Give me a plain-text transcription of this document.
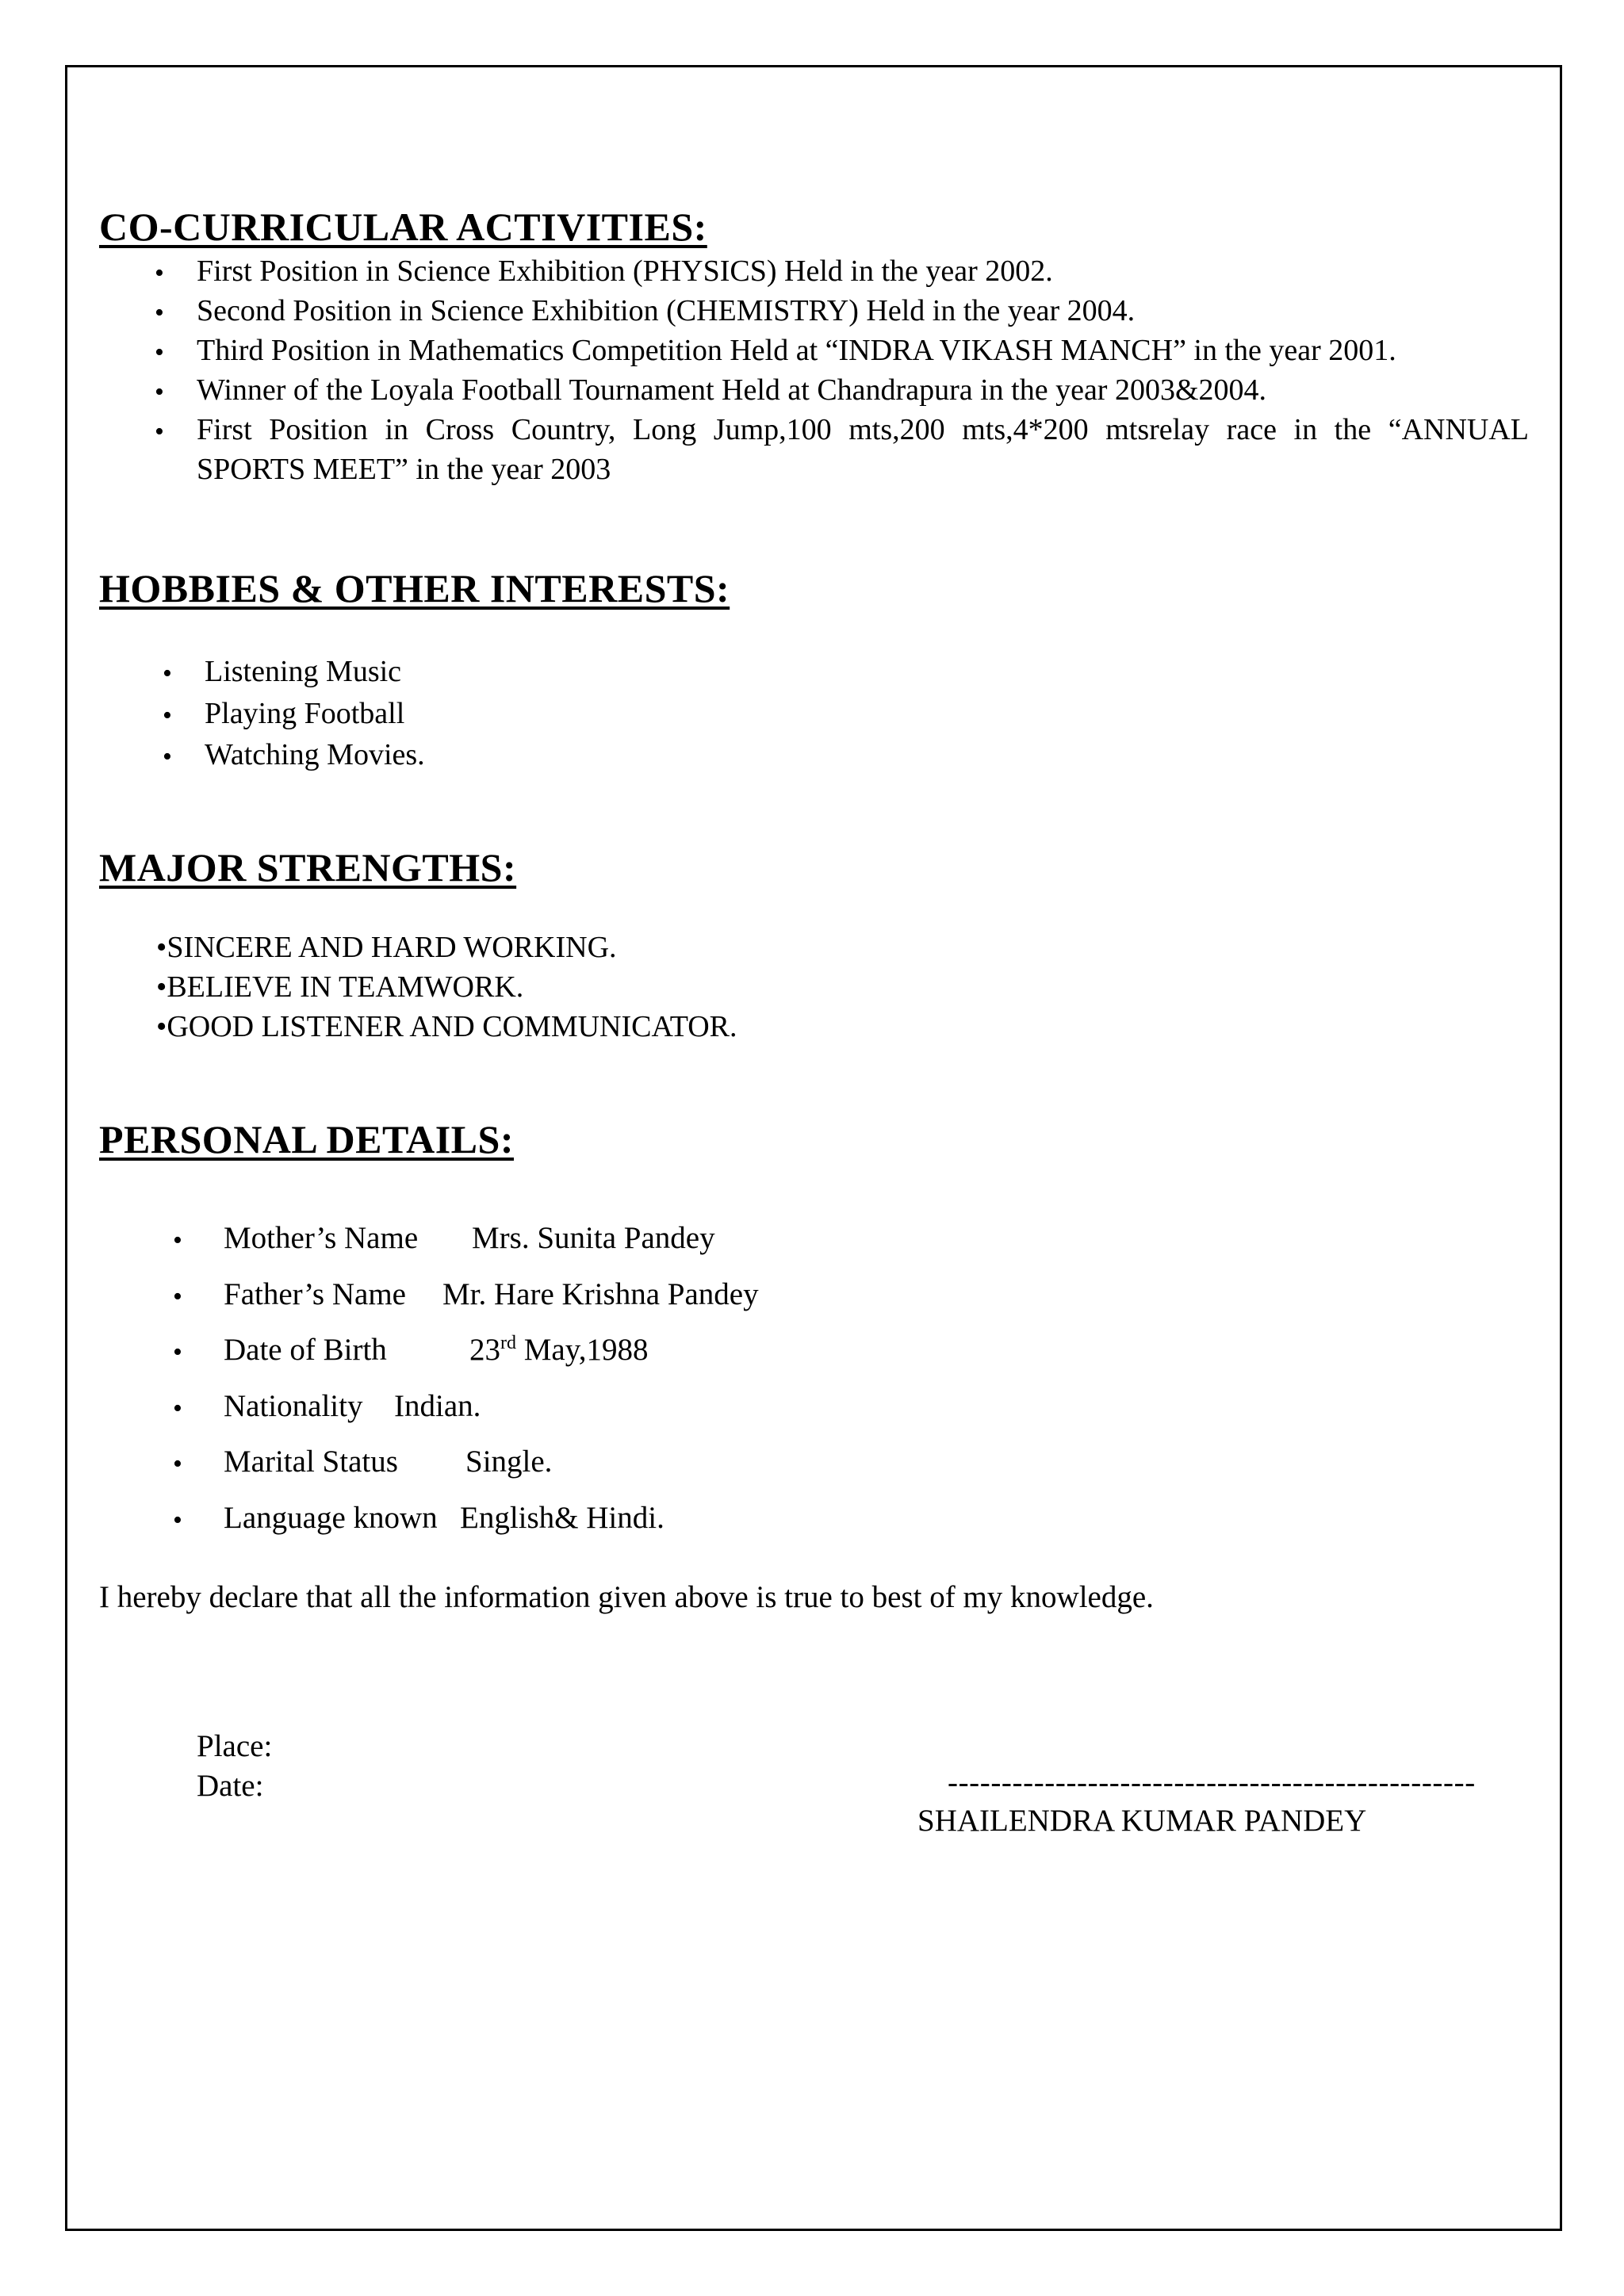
CO-CURRICULAR ACTIVITIES:
• First Position in Science Exhibition (PHYSICS) Held in the year 2002.
• Second Position in Science Exhibition (CHEMISTRY) Held in the year 2004.
• Third Position in Mathematics Competition Held at “INDRA VIKASH MANCH” in the year 2001.
• Winner of the Loyala Football Tournament Held at Chandrapura in the year 2003&2004.
• First Position in Cross Country, Long Jump,100 mts,200 mts,4*200 mtsrelay race in the “ANNUAL
SPORTS MEET” in the year 2003
HOBBIES & OTHER INTERESTS:
• Listening Music
• Playing Football
• Watching Movies.
MAJOR STRENGTHS:
•SINCERE AND HARD WORKING.
•BELIEVE IN TEAMWORK.
•GOOD LISTENER AND COMMUNICATOR.
PERSONAL DETAILS:
• Mother’s Name Mrs. Sunita Pandey
• Father’s Name Mr. Hare Krishna Pandey
• Date of Birth	23rd May,1988
• Nationality Indian.
• Marital Status Single.
• Language known English& Hindi.
I hereby declare that all the information given above is true to best of my knowledge.
Place:
Date:	-------------------------------------------------
SHAILENDRA KUMAR PANDEY
